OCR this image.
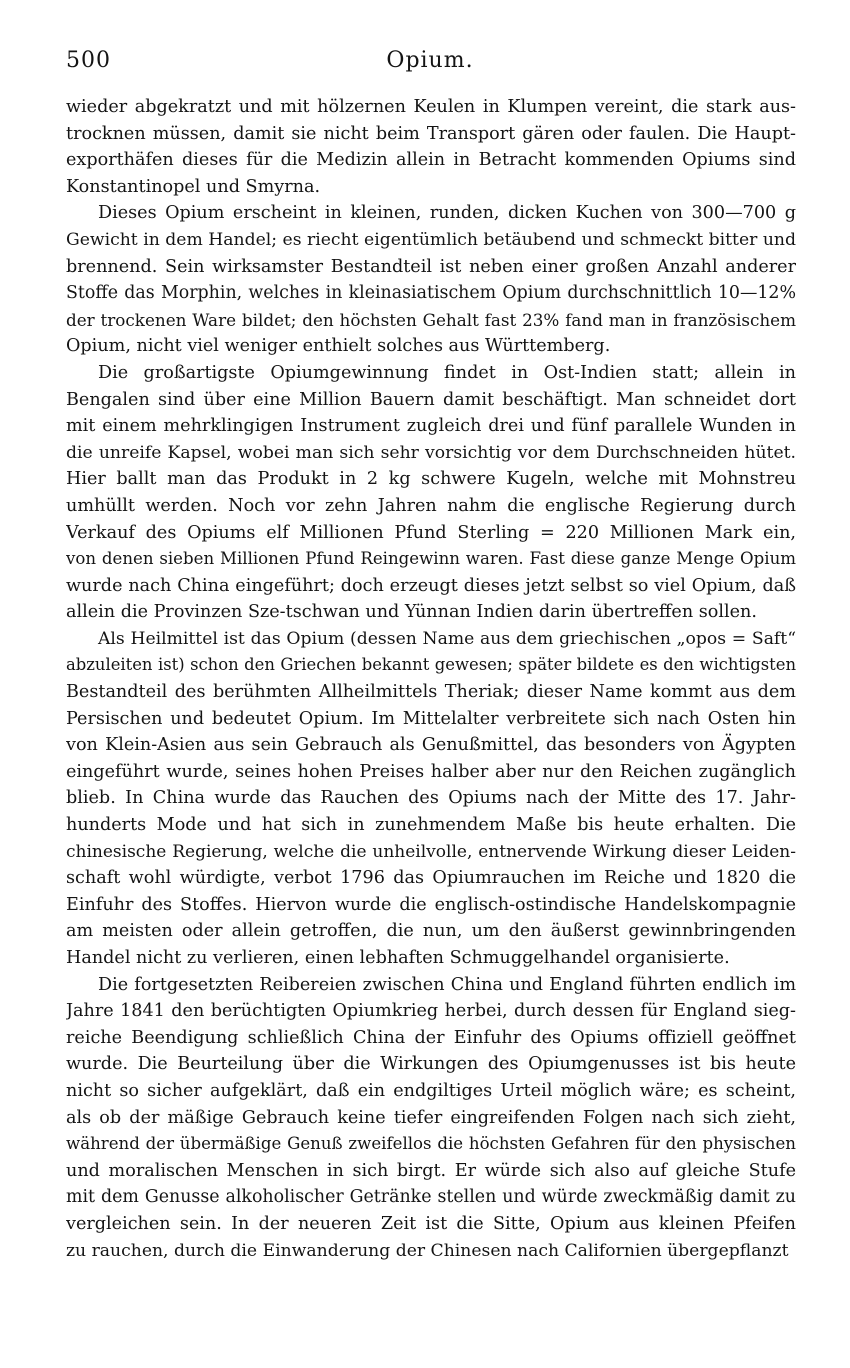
500	Opium.
wieder abgekratzt und mit hölzernen Keulen in Klumpen vereint, die stark aus-
trocknen müssen, damit sie nicht beim Transport gären oder faulen. Die Haupt-
exporthäfen dieses für die Medizin allein in Betracht kommenden Opiums sind
Konstantinopel und Smyrna.
Dieses Opium erscheint in kleinen, runden, dicken Kuchen von 300—700 g
Gewicht in dem Handel; es riecht eigentümlich betäubend und schmeckt bitter und
brennend. Sein wirksamster Bestandteil ist neben einer großen Anzahl anderer
Stoffe das Morphin, welches in kleinasiatischem Opium durchschnittlich 10—12%
der trockenen Ware bildet; den höchsten Gehalt fast 23% fand man in französischem
Opium, nicht viel weniger enthielt solches aus Württemberg.
Die großartigste Opiumgewinnung findet in Ost-Indien statt; allein in
Bengalen sind über eine Million Bauern damit beschäftigt. Man schneidet dort
mit einem mehrklingigen Instrument zugleich drei und fünf parallele Wunden in
die unreife Kapsel, wobei man sich sehr vorsichtig vor dem Durchschneiden hütet.
Hier ballt man das Produkt in 2 kg schwere Kugeln, welche mit Mohnstreu
umhüllt werden. Noch vor zehn Jahren nahm die englische Regierung durch
Verkauf des Opiums elf Millionen Pfund Sterling = 220 Millionen Mark ein,
von denen sieben Millionen Pfund Reingewinn waren. Fast diese ganze Menge Opium
wurde nach China eingeführt; doch erzeugt dieses jetzt selbst so viel Opium, daß
allein die Provinzen Sze-tschwan und Yünnan Indien darin übertreffen sollen.
Als Heilmittel ist das Opium (dessen Name aus dem griechischen „opos = Saft“
abzuleiten ist) schon den Griechen bekannt gewesen; später bildete es den wichtigsten
Bestandteil des berühmten Allheilmittels Theriak; dieser Name kommt aus dem
Persischen und bedeutet Opium. Im Mittelalter verbreitete sich nach Osten hin
von Klein-Asien aus sein Gebrauch als Genußmittel, das besonders von Ägypten
eingeführt wurde, seines hohen Preises halber aber nur den Reichen zugänglich
blieb. In China wurde das Rauchen des Opiums nach der Mitte des 17. Jahr-
hunderts Mode und hat sich in zunehmendem Maße bis heute erhalten. Die
chinesische Regierung, welche die unheilvolle, entnervende Wirkung dieser Leiden-
schaft wohl würdigte, verbot 1796 das Opiumrauchen im Reiche und 1820 die
Einfuhr des Stoffes. Hiervon wurde die englisch-ostindische Handelskompagnie
am meisten oder allein getroffen, die nun, um den äußerst gewinnbringenden
Handel nicht zu verlieren, einen lebhaften Schmuggelhandel organisierte.
Die fortgesetzten Reibereien zwischen China und England führten endlich im
Jahre 1841 den berüchtigten Opiumkrieg herbei, durch dessen für England sieg-
reiche Beendigung schließlich China der Einfuhr des Opiums offiziell geöffnet
wurde. Die Beurteilung über die Wirkungen des Opiumgenusses ist bis heute
nicht so sicher aufgeklärt, daß ein endgiltiges Urteil möglich wäre; es scheint,
als ob der mäßige Gebrauch keine tiefer eingreifenden Folgen nach sich zieht,
während der übermäßige Genuß zweifellos die höchsten Gefahren für den physischen
und moralischen Menschen in sich birgt. Er würde sich also auf gleiche Stufe
mit dem Genusse alkoholischer Getränke stellen und würde zweckmäßig damit zu
vergleichen sein. In der neueren Zeit ist die Sitte, Opium aus kleinen Pfeifen
zu rauchen, durch die Einwanderung der Chinesen nach Californien übergepflanzt
